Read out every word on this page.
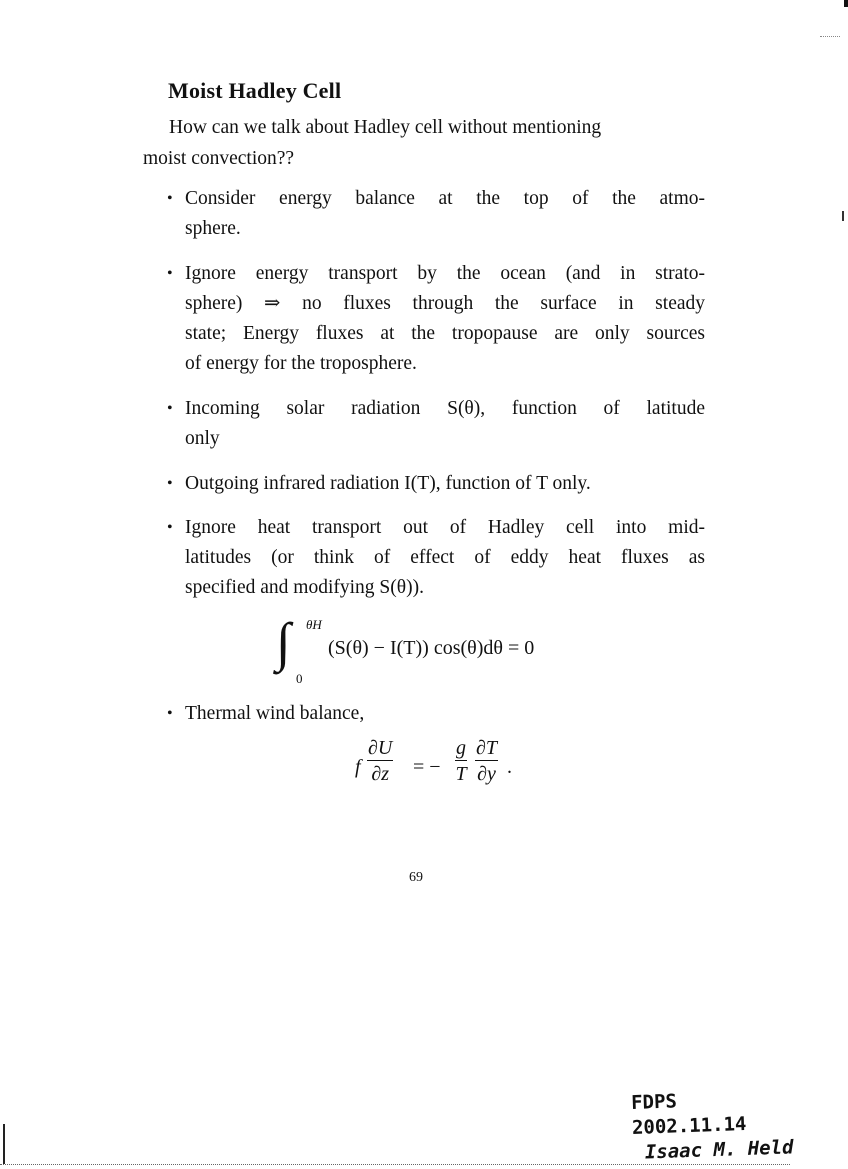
Moist Hadley Cell
How can we talk about Hadley cell without mentioning
moist convection??
• Consider energy balance at the top of the atmo-
sphere.
• Ignore energy transport by the ocean (and in strato-
sphere) ⇒ no fluxes through the surface in steady
state; Energy fluxes at the tropopause are only sources
of energy for the troposphere.
• Incoming solar radiation S(θ), function of latitude
only
• Outgoing infrared radiation I(T), function of T only.
• Ignore heat transport out of Hadley cell into mid-
latitudes (or think of effect of eddy heat fluxes as
specified and modifying S(θ)).
• Thermal wind balance,
∫ θH
0
(S(θ) − I(T)) cos(θ)dθ = 0
f $\frac{\partial U}{\partial z}$ = − $\frac{g}{T} \frac{\partial T}{\partial y}$ .
69
FDPS 2002.11.14
Isaac M. Held
